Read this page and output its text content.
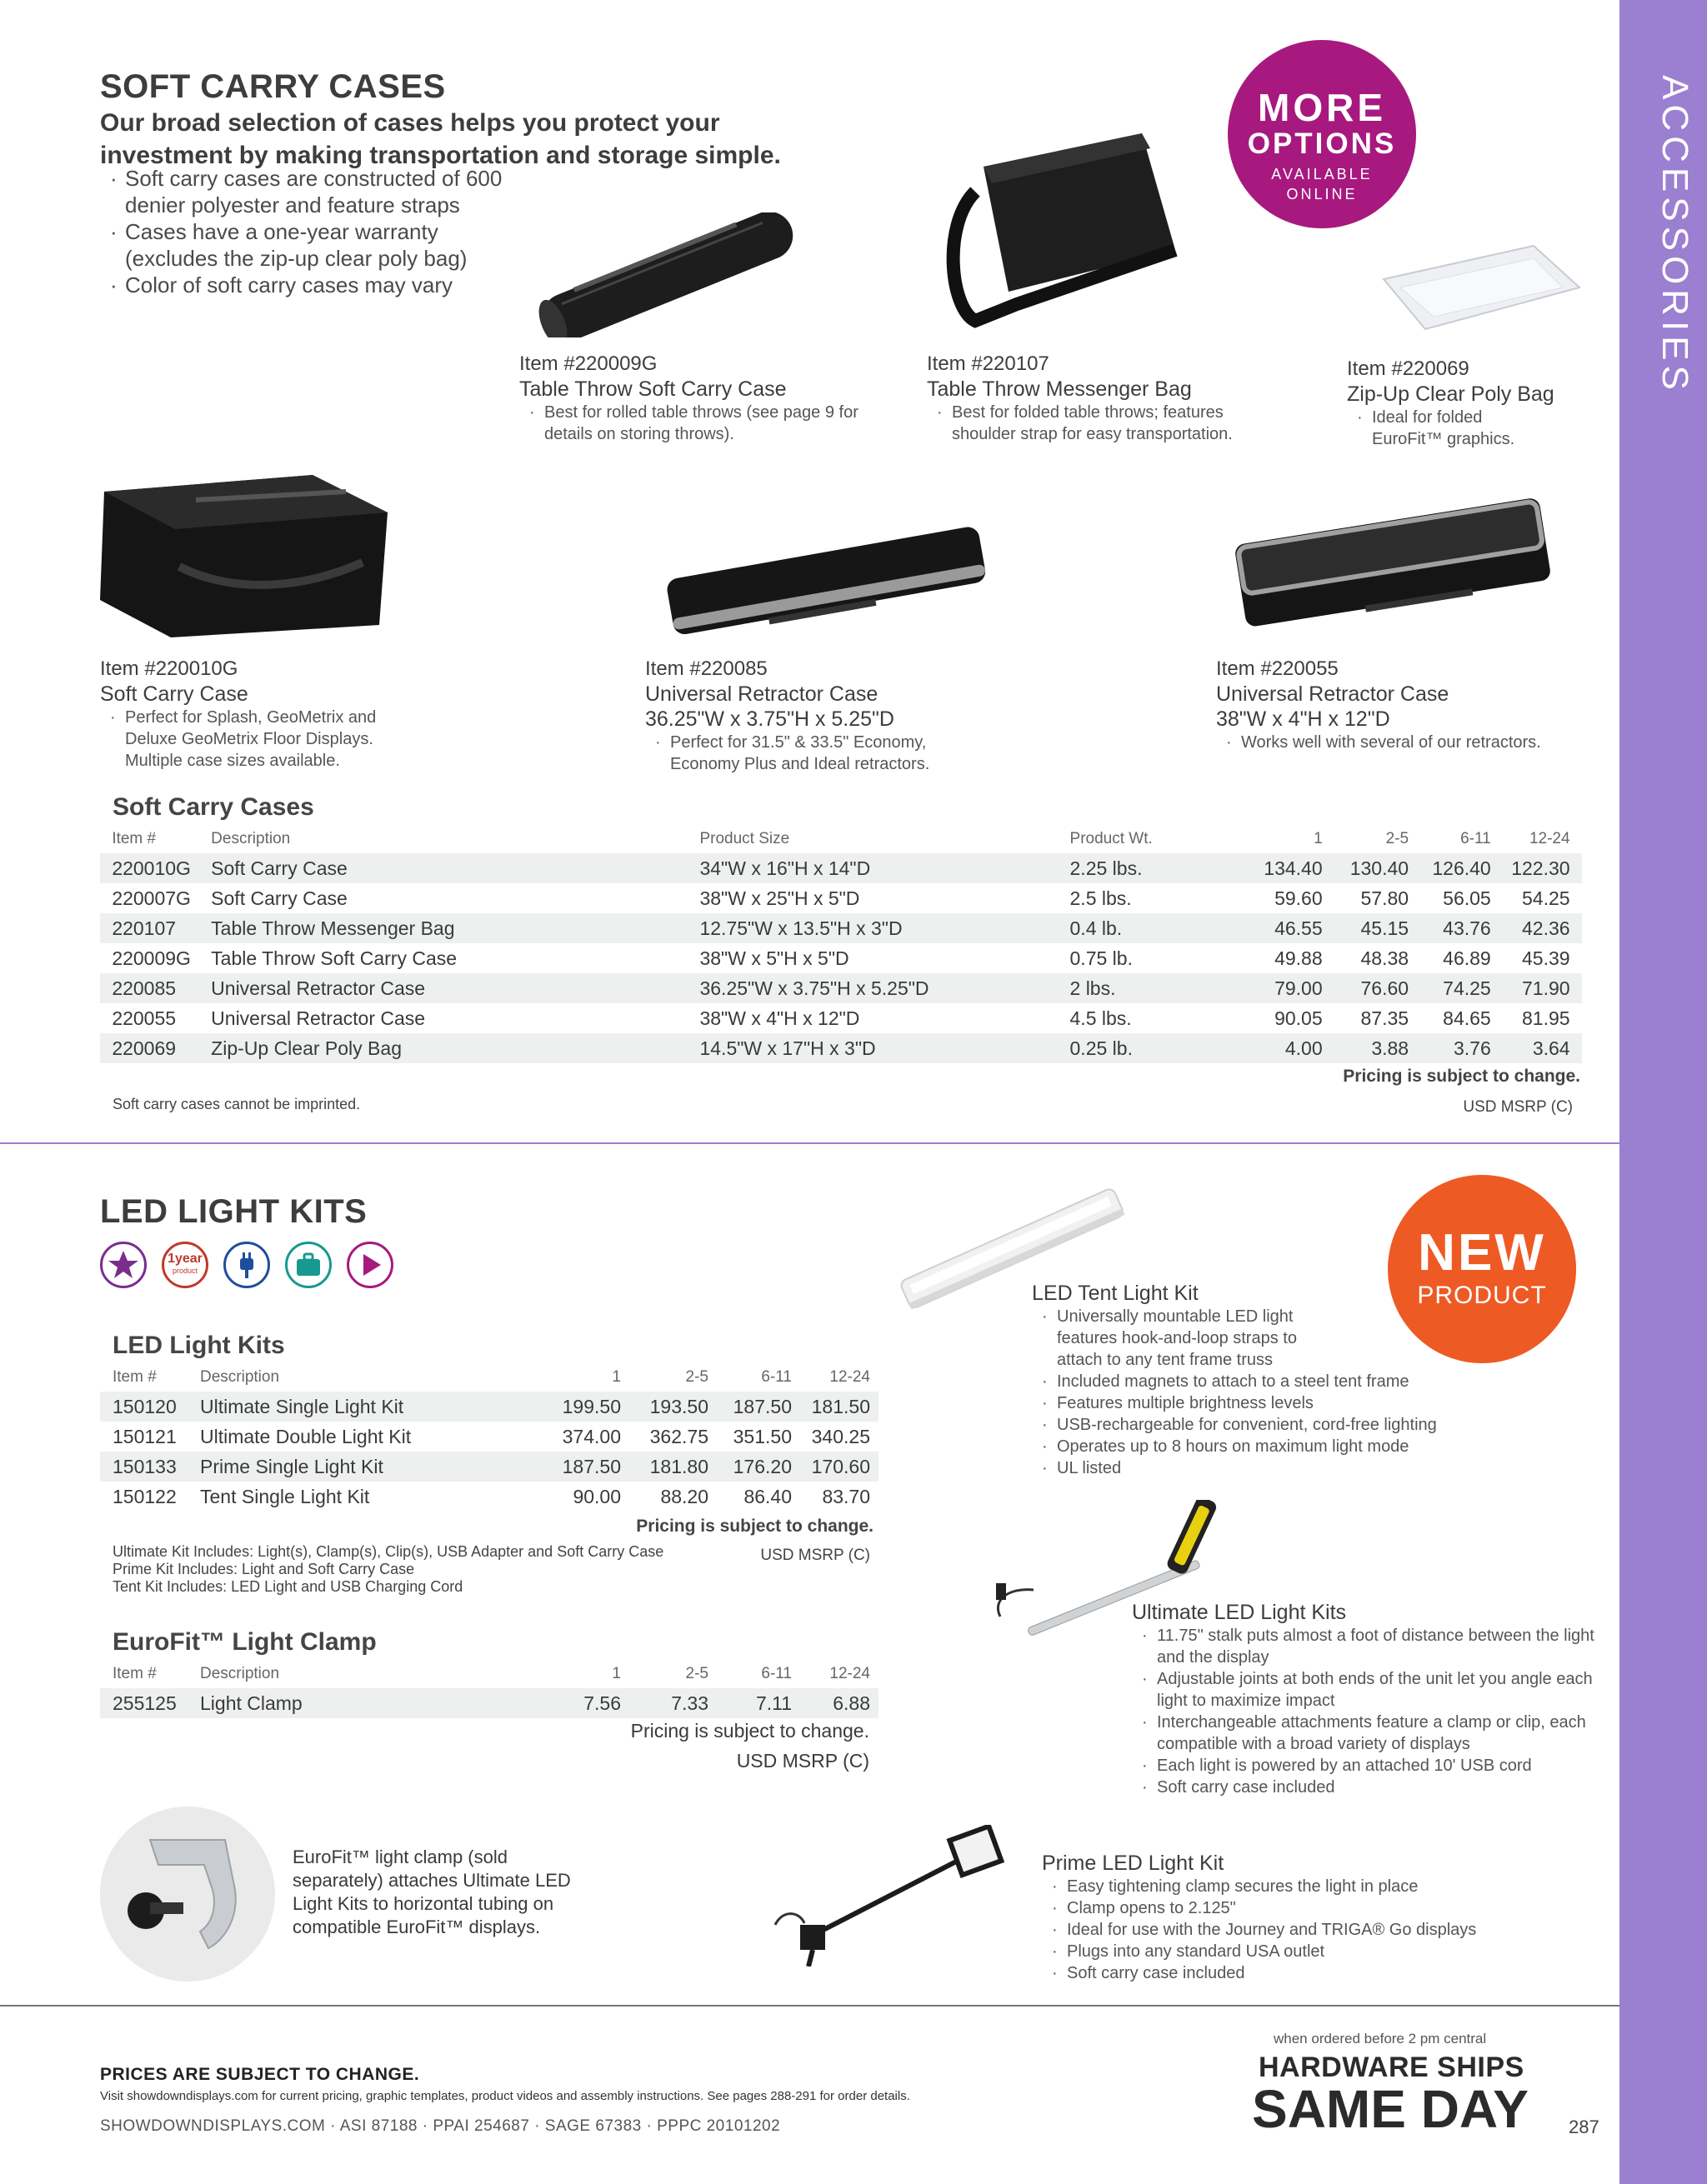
ACCESSORIES
SOFT CARRY CASES
Our broad selection of cases helps you protect your investment by making transportation and storage simple.
· Soft carry cases are constructed of 600 denier polyester and feature straps
· Cases have a one-year warranty (excludes the zip-up clear poly bag)
· Color of soft carry cases may vary
MORE
OPTIONS
AVAILABLE
ONLINE
Item #220009G
Table Throw Soft Carry Case
· Best for rolled table throws (see page 9 for details on storing throws).
Item #220107
Table Throw Messenger Bag
· Best for folded table throws; features shoulder strap for easy transportation.
Item #220069
Zip-Up Clear Poly Bag
· Ideal for folded EuroFit™ graphics.
Item #220010G
Soft Carry Case
· Perfect for Splash, GeoMetrix and Deluxe GeoMetrix Floor Displays. Multiple case sizes available.
Item #220085
Universal Retractor Case
36.25"W x 3.75"H x 5.25"D
· Perfect for 31.5" & 33.5" Economy, Economy Plus and Ideal retractors.
Item #220055
Universal Retractor Case
38"W x 4"H x 12"D
· Works well with several of our retractors.
Soft Carry Cases
	Item #	Description	Product Size	Product Wt.	1	2-5	6-11	12-24	
	220010G	Soft Carry Case	34"W x 16"H x 14"D	2.25 lbs.	134.40	130.40	126.40	122.30	
	220007G	Soft Carry Case	38"W x 25"H x 5"D	2.5 lbs.	59.60	57.80	56.05	54.25	
	220107	Table Throw Messenger Bag	12.75"W x 13.5"H x 3"D	0.4 lb.	46.55	45.15	43.76	42.36	
	220009G	Table Throw Soft Carry Case	38"W x 5"H x 5"D	0.75 lb.	49.88	48.38	46.89	45.39	
	220085	Universal Retractor Case	36.25"W x 3.75"H x 5.25"D	2 lbs.	79.00	76.60	74.25	71.90	
	220055	Universal Retractor Case	38"W x 4"H x 12"D	4.5 lbs.	90.05	87.35	84.65	81.95	
	220069	Zip-Up Clear Poly Bag	14.5"W x 17"H x 3"D	0.25 lb.	4.00	3.88	3.76	3.64	
Pricing is subject to change.
Soft carry cases cannot be imprinted.	USD MSRP (C)
LED LIGHT KITS
1year
product	NEW
PRODUCT
LED Light Kits
	Item #	Description	1	2-5	6-11	12-24	
	150120	Ultimate Single Light Kit	199.50	193.50	187.50	181.50	
	150121	Ultimate Double Light Kit	374.00	362.75	351.50	340.25	
	150133	Prime Single Light Kit	187.50	181.80	176.20	170.60	
	150122	Tent Single Light Kit	90.00	88.20	86.40	83.70	
Pricing is subject to change.
Ultimate Kit Includes: Light(s), Clamp(s), Clip(s), USB Adapter and Soft Carry Case
Prime Kit Includes: Light and Soft Carry Case
Tent Kit Includes: LED Light and USB Charging Cord
USD MSRP (C)
EuroFit™ Light Clamp
	Item #	Description	1	2-5	6-11	12-24	
	255125	Light Clamp	7.56	7.33	7.11	6.88	
Pricing is subject to change.
USD MSRP (C)
EuroFit™ light clamp (sold separately) attaches Ultimate LED Light Kits to horizontal tubing on compatible EuroFit™ displays.
LED Tent Light Kit
· Universally mountable LED light features hook-and-loop straps to attach to any tent frame truss
· Included magnets to attach to a steel tent frame
· Features multiple brightness levels
· USB-rechargeable for convenient, cord-free lighting
· Operates up to 8 hours on maximum light mode
· UL listed
Ultimate LED Light Kits
· 11.75" stalk puts almost a foot of distance between the light and the display
· Adjustable joints at both ends of the unit let you angle each light to maximize impact
· Interchangeable attachments feature a clamp or clip, each compatible with a broad variety of displays
· Each light is powered by an attached 10' USB cord
· Soft carry case included
Prime LED Light Kit
· Easy tightening clamp secures the light in place
· Clamp opens to 2.125"
· Ideal for use with the Journey and TRIGA® Go displays
· Plugs into any standard USA outlet
· Soft carry case included
PRICES ARE SUBJECT TO CHANGE.
Visit showdowndisplays.com for current pricing, graphic templates, product videos and assembly instructions. See pages 288-291 for order details.
SHOWDOWNDISPLAYS.COM · ASI 87188 · PPAI 254687 · SAGE 67383 · PPPC 20101202
when ordered before 2 pm central
HARDWARE SHIPS
SAME DAY 287
